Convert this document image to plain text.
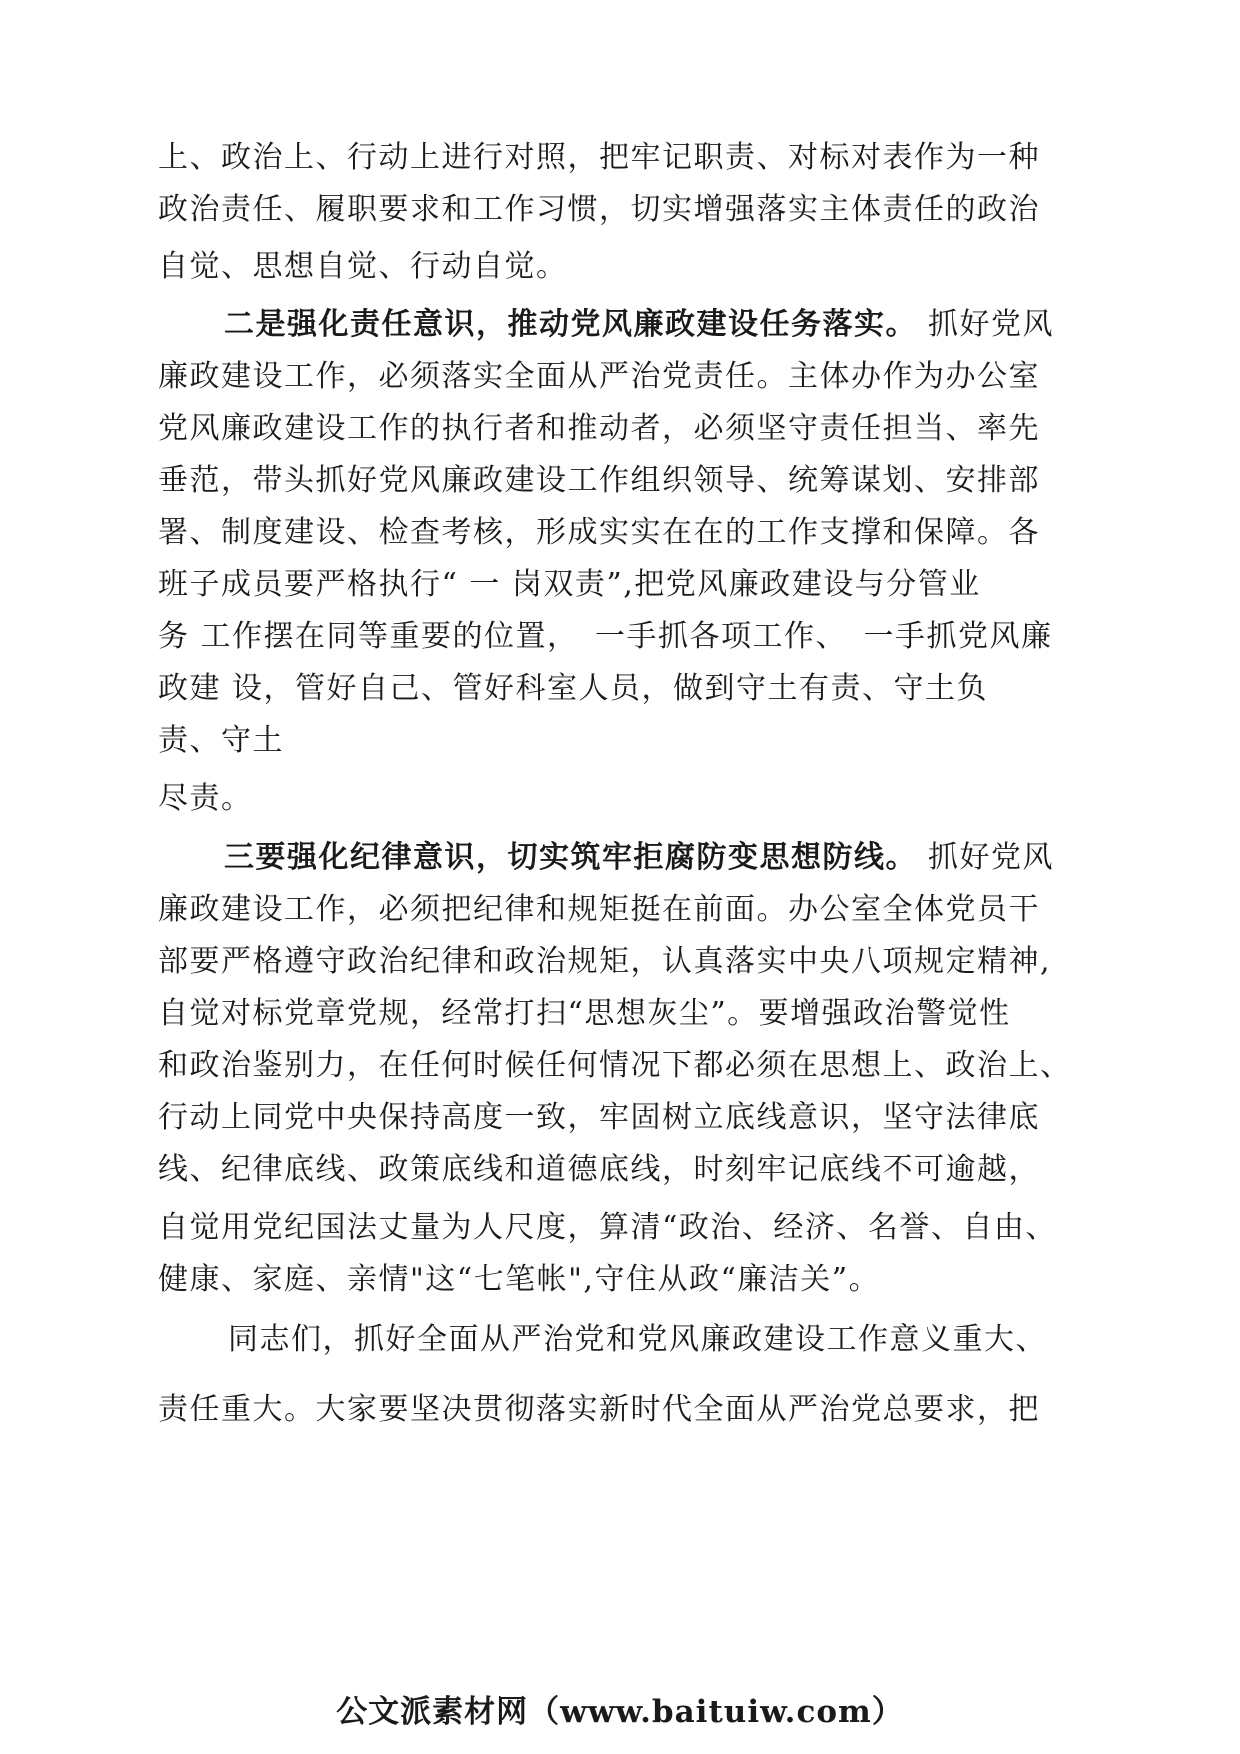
上、政治上、行动上进行对照，把牢记职责、对标对表作为一种
政治责任、履职要求和工作习惯，切实增强落实主体责任的政治
自觉、思想自觉、行动自觉。
二是强化责任意识，推动党风廉政建设任务落实。 抓好党风
廉政建设工作，必须落实全面从严治党责任。主体办作为办公室
党风廉政建设工作的执行者和推动者，必须坚守责任担当、率先
垂范，带头抓好党风廉政建设工作组织领导、统筹谋划、安排部
署、制度建设、检查考核，形成实实在在的工作支撑和保障。各
班子成员要严格执行“ 一 岗双责”,把党风廉政建设与分管业
务 工作摆在同等重要的位置，　一手抓各项工作、　一手抓党风廉
政建 设，管好自己、管好科室人员，做到守土有责、守土负
责、守土
尽责。
三要强化纪律意识，切实筑牢拒腐防变思想防线。 抓好党风
廉政建设工作，必须把纪律和规矩挺在前面。办公室全体党员干
部要严格遵守政治纪律和政治规矩，认真落实中央八项规定精神,
自觉对标党章党规，经常打扫“思想灰尘”。要增强政治警觉性
和政治鉴别力，在任何时候任何情况下都必须在思想上、政治上、
行动上同党中央保持高度一致，牢固树立底线意识，坚守法律底
线、纪律底线、政策底线和道德底线，时刻牢记底线不可逾越，
自觉用党纪国法丈量为人尺度，算清“政治、经济、名誉、自由、
健康、家庭、亲情"这“七笔帐",守住从政“廉洁关”。
同志们，抓好全面从严治党和党风廉政建设工作意义重大、
责任重大。大家要坚决贯彻落实新时代全面从严治党总要求，把
公文派素材网（www.baituiw.com）
